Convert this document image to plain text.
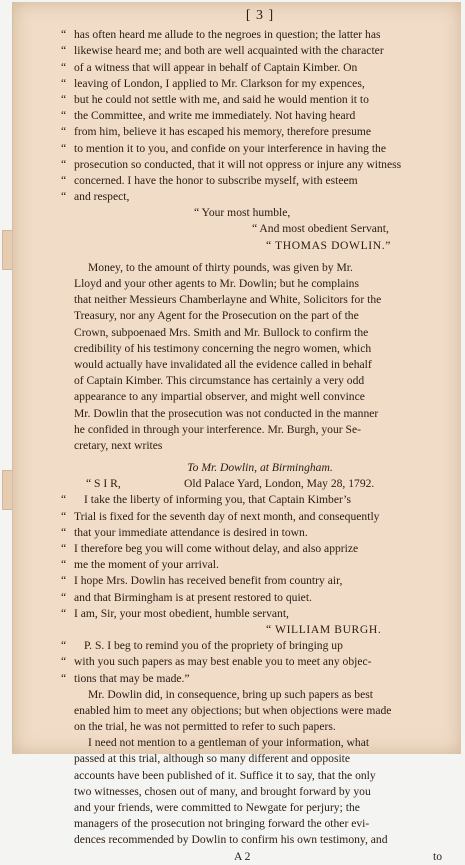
[ 3 ]
“ has often heard me allude to the negroes in question; the latter has
“ likewise heard me; and both are well acquainted with the character
“ of a witness that will appear in behalf of Captain Kimber. On
“ leaving of London, I applied to Mr. Clarkson for my expences,
“ but he could not settle with me, and said he would mention it to
“ the Committee, and write me immediately. Not having heard
“ from him, believe it has escaped his memory, therefore presume
“ to mention it to you, and confide on your interference in having the
“ prosecution so conducted, that it will not oppress or injure any witness
“ concerned. I have the honor to subscribe myself, with esteem
“ and respect,
“ Your most humble,
“ And most obedient Servant,
“ THOMAS DOWLIN.”
Money, to the amount of thirty pounds, was given by Mr.
Lloyd and your other agents to Mr. Dowlin; but he complains
that neither Messieurs Chamberlayne and White, Solicitors for the
Treasury, nor any Agent for the Prosecution on the part of the
Crown, subpoenaed Mrs. Smith and Mr. Bullock to confirm the
credibility of his testimony concerning the negro women, which
would actually have invalidated all the evidence called in behalf
of Captain Kimber. This circumstance has certainly a very odd
appearance to any impartial observer, and might well convince
Mr. Dowlin that the prosecution was not conducted in the manner
he confided in through your interference. Mr. Burgh, your Se-
cretary, next writes
To Mr. Dowlin, at Birmingham.
“ S I R,	Old Palace Yard, London, May 28, 1792.
“ I take the liberty of informing you, that Captain Kimber’s
“ Trial is fixed for the seventh day of next month, and consequently
“ that your immediate attendance is desired in town.
“ I therefore beg you will come without delay, and also apprize
“ me the moment of your arrival.
“ I hope Mrs. Dowlin has received benefit from country air,
“ and that Birmingham is at present restored to quiet.
“ I am, Sir, your most obedient, humble servant,
“ WILLIAM BURGH.
“ P. S. I beg to remind you of the propriety of bringing up
“ with you such papers as may best enable you to meet any objec-
“ tions that may be made.”
Mr. Dowlin did, in consequence, bring up such papers as best
enabled him to meet any objections; but when objections were made
on the trial, he was not permitted to refer to such papers.
I need not mention to a gentleman of your information, what
passed at this trial, although so many different and opposite
accounts have been published of it. Suffice it to say, that the only
two witnesses, chosen out of many, and brought forward by you
and your friends, were committed to Newgate for perjury; the
managers of the prosecution not bringing forward the other evi-
dences recommended by Dowlin to confirm his own testimony, and
A 2	to
